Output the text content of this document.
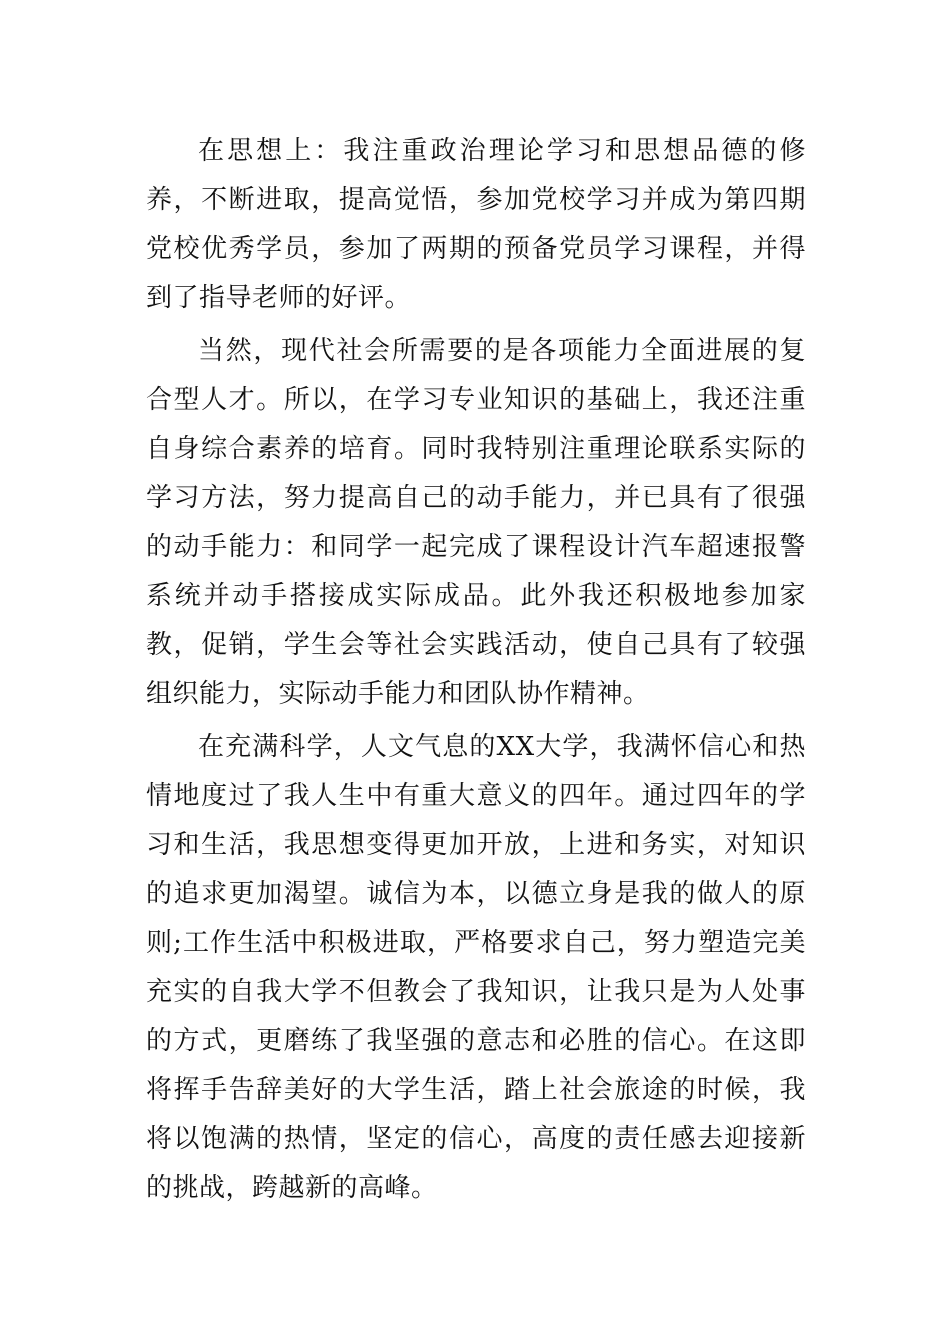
在思想上：我注重政治理论学习和思想品德的修养，不断进取，提高觉悟，参加党校学习并成为第四期党校优秀学员，参加了两期的预备党员学习课程，并得到了指导老师的好评。

当然，现代社会所需要的是各项能力全面进展的复合型人才。所以，在学习专业知识的基础上，我还注重自身综合素养的培育。同时我特别注重理论联系实际的学习方法，努力提高自己的动手能力，并已具有了很强的动手能力：和同学一起完成了课程设计汽车超速报警系统并动手搭接成实际成品。此外我还积极地参加家教，促销，学生会等社会实践活动，使自己具有了较强组织能力，实际动手能力和团队协作精神。

在充满科学，人文气息的XX大学，我满怀信心和热情地度过了我人生中有重大意义的四年。通过四年的学习和生活，我思想变得更加开放，上进和务实，对知识的追求更加渴望。诚信为本，以德立身是我的做人的原则;工作生活中积极进取，严格要求自己，努力塑造完美充实的自我大学不但教会了我知识，让我只是为人处事的方式，更磨练了我坚强的意志和必胜的信心。在这即将挥手告辞美好的大学生活，踏上社会旅途的时候，我将以饱满的热情，坚定的信心，高度的责任感去迎接新的挑战，跨越新的高峰。
